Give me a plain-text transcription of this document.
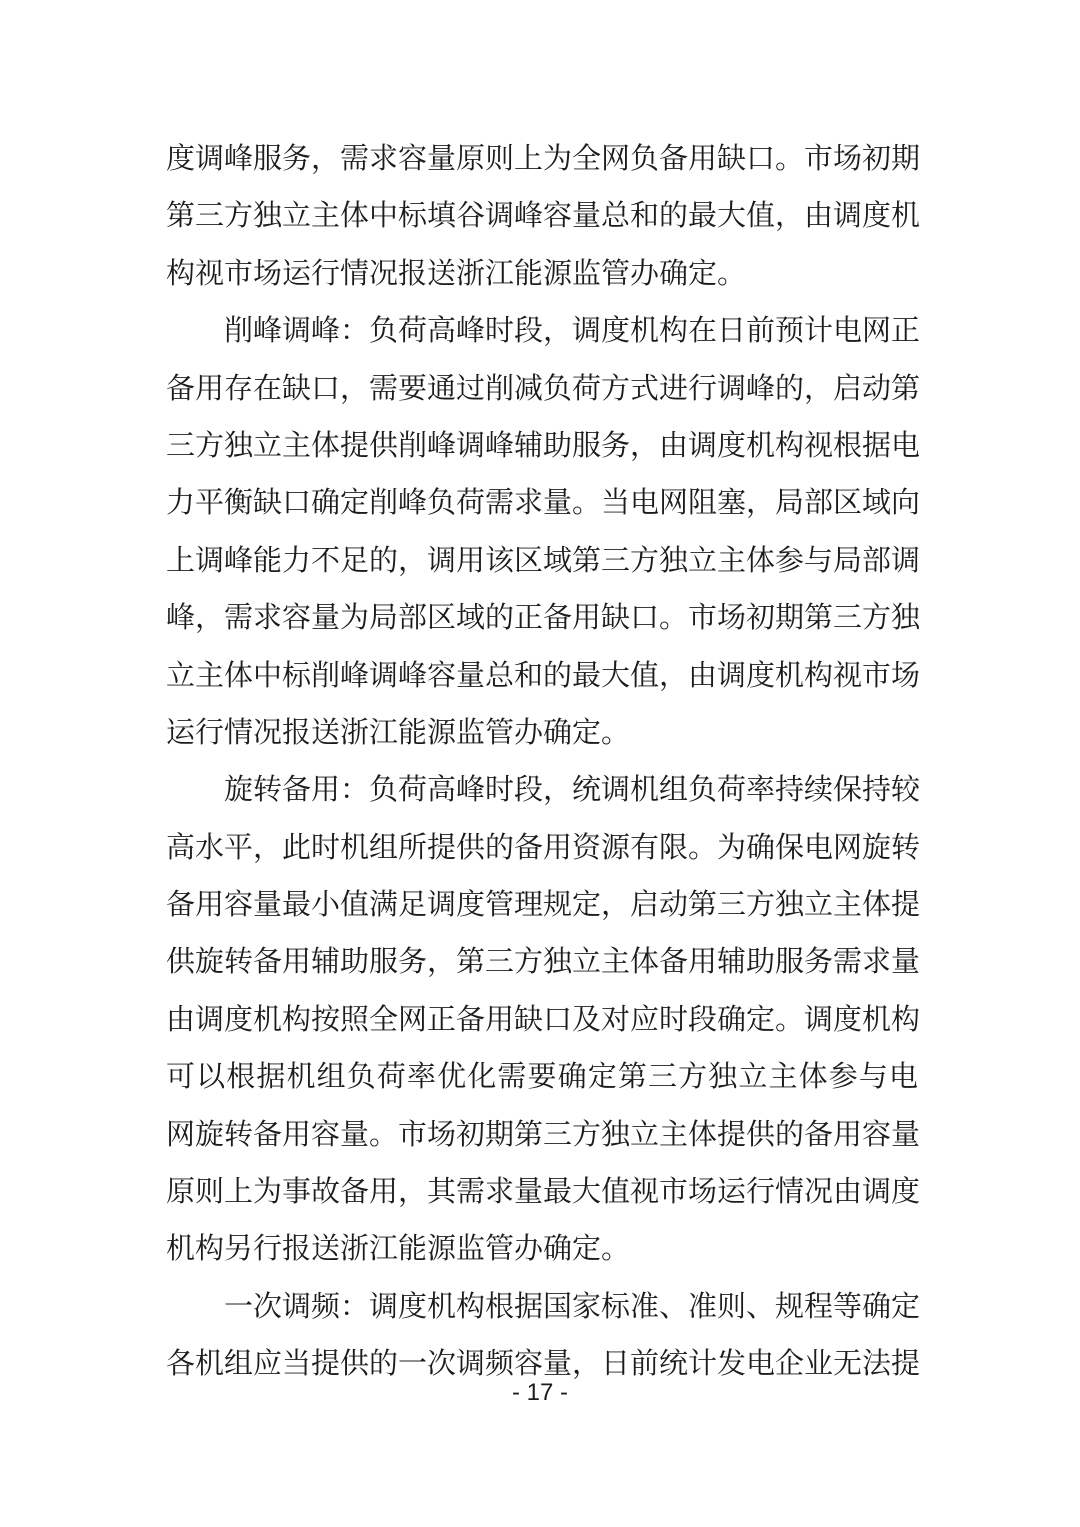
度调峰服务，需求容量原则上为全网负备用缺口。市场初期
第三方独立主体中标填谷调峰容量总和的最大值，由调度机
构视市场运行情况报送浙江能源监管办确定。
　　削峰调峰：负荷高峰时段，调度机构在日前预计电网正
备用存在缺口，需要通过削减负荷方式进行调峰的，启动第
三方独立主体提供削峰调峰辅助服务，由调度机构视根据电
力平衡缺口确定削峰负荷需求量。当电网阻塞，局部区域向
上调峰能力不足的，调用该区域第三方独立主体参与局部调
峰，需求容量为局部区域的正备用缺口。市场初期第三方独
立主体中标削峰调峰容量总和的最大值，由调度机构视市场
运行情况报送浙江能源监管办确定。
　　旋转备用：负荷高峰时段，统调机组负荷率持续保持较
高水平，此时机组所提供的备用资源有限。为确保电网旋转
备用容量最小值满足调度管理规定，启动第三方独立主体提
供旋转备用辅助服务，第三方独立主体备用辅助服务需求量
由调度机构按照全网正备用缺口及对应时段确定。调度机构
可以根据机组负荷率优化需要确定第三方独立主体参与电
网旋转备用容量。市场初期第三方独立主体提供的备用容量
原则上为事故备用，其需求量最大值视市场运行情况由调度
机构另行报送浙江能源监管办确定。
　　一次调频：调度机构根据国家标准、准则、规程等确定
各机组应当提供的一次调频容量，日前统计发电企业无法提
- 17 -
